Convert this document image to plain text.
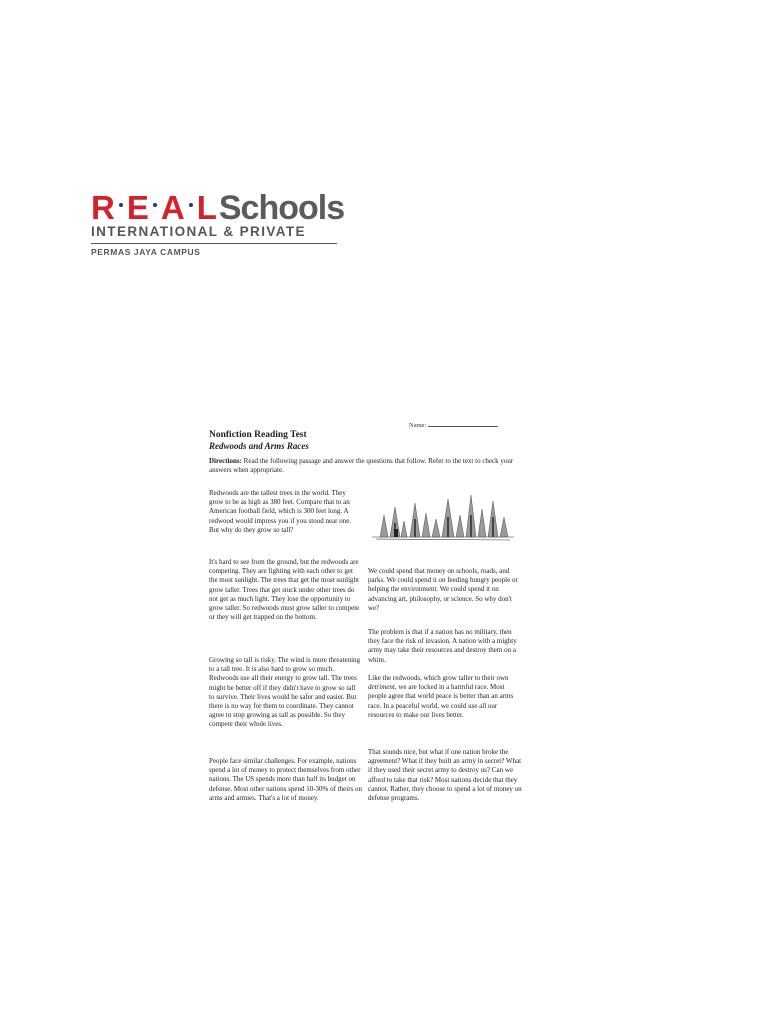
R E A LSchools
INTERNATIONAL & PRIVATE
PERMAS JAYA CAMPUS
Name:
Nonfiction Reading Test
Redwoods and Arms Races
Directions: Read the following passage and answer the questions that follow. Refer to the text to check your answers when appropriate.

Redwoods are the tallest trees in the world. They grow to be as high as 380 feet. Compare that to an American football field, which is 300 feet long. A redwood would impress you if you stood near one. But why do they grow so tall?

It's hard to see from the ground, but the redwoods are competing. They are fighting with each other to get the most sunlight. The trees that get the most sunlight grow taller. Trees that get stuck under other trees do not get as much light. They lose the opportunity to grow taller. So redwoods must grow taller to compete or they will get trapped on the bottom.

Growing so tall is risky. The wind is more threatening to a tall tree. It is also hard to grow so much. Redwoods use all their energy to grow tall. The trees might be better off if they didn't have to grow so tall to survive. Their lives would be safer and easier. But there is no way for them to coordinate. They cannot agree to stop growing as tall as possible. So they compete their whole lives.

People face similar challenges. For example, nations spend a lot of money to protect themselves from other nations. The US spends more than half its budget on defense. Most other nations spend 10-30% of theirs on arms and armies. That's a lot of money.

We could spend that money on schools, roads, and parks. We could spend it on feeding hungry people or helping the environment. We could spend it on advancing art, philosophy, or science. So why don't we?

The problem is that if a nation has no military, then they face the risk of invasion. A nation with a mighty army may take their resources and destroy them on a whim.

Like the redwoods, which grow taller to their own detriment, we are locked in a harmful race. Most people agree that world peace is better than an arms race. In a peaceful world, we could use all our resources to make our lives better.

That sounds nice, but what if one nation broke the agreement? What if they built an army in secret? What if they used their secret army to destroy us? Can we afford to take that risk? Most nations decide that they cannot. Rather, they choose to spend a lot of money on defense programs.
